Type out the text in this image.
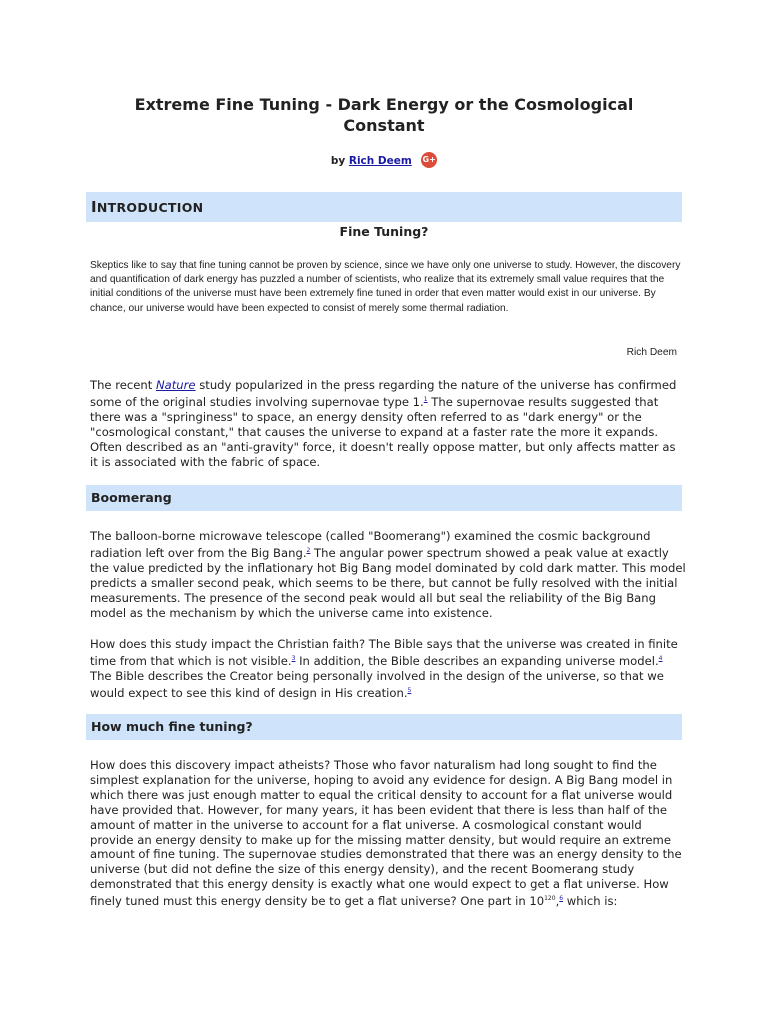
Extreme Fine Tuning - Dark Energy or the Cosmological Constant
by Rich Deem G+
INTRODUCTION
Fine Tuning?
Skeptics like to say that fine tuning cannot be proven by science, since we have only one universe to study. However, the discovery and quantification of dark energy has puzzled a number of scientists, who realize that its extremely small value requires that the initial conditions of the universe must have been extremely fine tuned in order that even matter would exist in our universe. By chance, our universe would have been expected to consist of merely some thermal radiation.
Rich Deem
The recent Nature study popularized in the press regarding the nature of the universe has confirmed some of the original studies involving supernovae type 1.$^1$ The supernovae results suggested that there was a "springiness" to space, an energy density often referred to as "dark energy" or the "cosmological constant," that causes the universe to expand at a faster rate the more it expands. Often described as an "anti-gravity" force, it doesn't really oppose matter, but only affects matter as it is associated with the fabric of space.
Boomerang
The balloon-borne microwave telescope (called "Boomerang") examined the cosmic background radiation left over from the Big Bang.$^2$ The angular power spectrum showed a peak value at exactly the value predicted by the inflationary hot Big Bang model dominated by cold dark matter. This model predicts a smaller second peak, which seems to be there, but cannot be fully resolved with the initial measurements. The presence of the second peak would all but seal the reliability of the Big Bang model as the mechanism by which the universe came into existence.
How does this study impact the Christian faith? The Bible says that the universe was created in finite time from that which is not visible.$^3$ In addition, the Bible describes an expanding universe model.$^4$ The Bible describes the Creator being personally involved in the design of the universe, so that we would expect to see this kind of design in His creation.$^5$
How much fine tuning?
How does this discovery impact atheists? Those who favor naturalism had long sought to find the simplest explanation for the universe, hoping to avoid any evidence for design. A Big Bang model in which there was just enough matter to equal the critical density to account for a flat universe would have provided that. However, for many years, it has been evident that there is less than half of the amount of matter in the universe to account for a flat universe. A cosmological constant would provide an energy density to make up for the missing matter density, but would require an extreme amount of fine tuning. The supernovae studies demonstrated that there was an energy density to the universe (but did not define the size of this energy density), and the recent Boomerang study demonstrated that this energy density is exactly what one would expect to get a flat universe. How finely tuned must this energy density be to get a flat universe? One part in $10^{120},^6$ which is:
